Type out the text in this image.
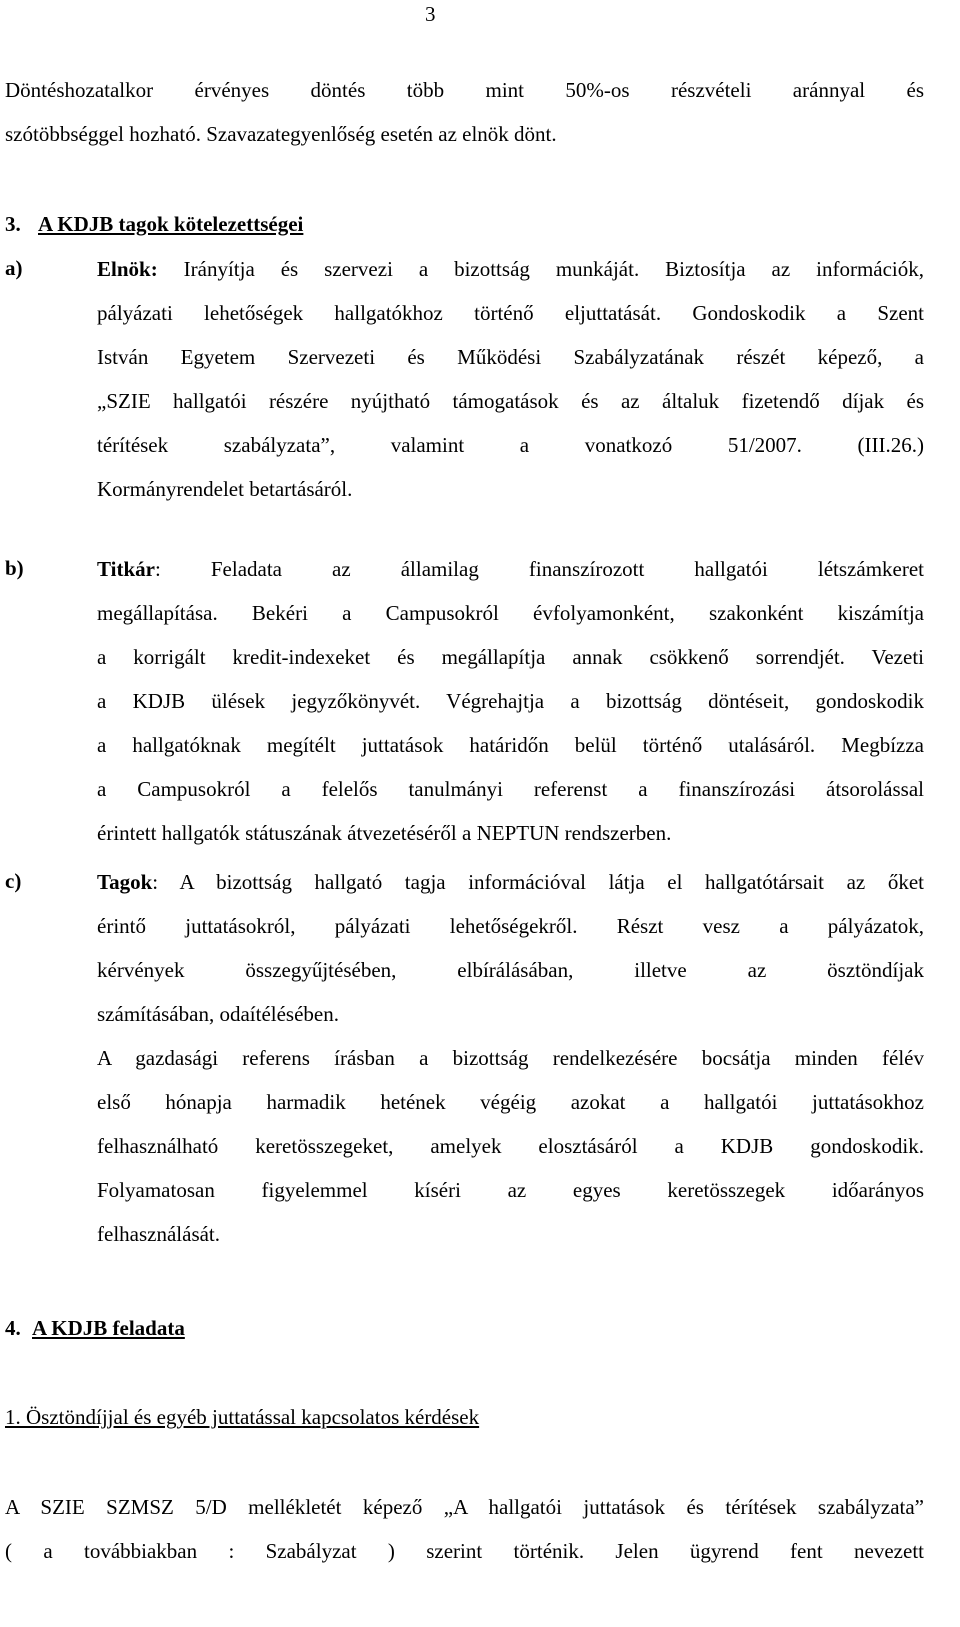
3
Döntéshozatalkor érvényes döntés több mint 50%-os részvételi aránnyal és
szótöbbséggel hozható. Szavazategyenlőség esetén az elnök dönt.
3. A KDJB tagok kötelezettségei
a)	Elnök: Irányítja és szervezi a bizottság munkáját. Biztosítja az információk,
pályázati lehetőségek hallgatókhoz történő eljuttatását. Gondoskodik a Szent
István Egyetem Szervezeti és Működési Szabályzatának részét képező, a
„SZIE hallgatói részére nyújtható támogatások és az általuk fizetendő díjak és
térítések szabályzata”, valamint a vonatkozó 51/2007. (III.26.)
Kormányrendelet betartásáról.
b)	Titkár: Feladata az államilag finanszírozott hallgatói létszámkeret
megállapítása. Bekéri a Campusokról évfolyamonként, szakonként kiszámítja
a korrigált kredit-indexeket és megállapítja annak csökkenő sorrendjét. Vezeti
a KDJB ülések jegyzőkönyvét. Végrehajtja a bizottság döntéseit, gondoskodik
a hallgatóknak megítélt juttatások határidőn belül történő utalásáról. Megbízza
a Campusokról a felelős tanulmányi referenst a finanszírozási átsorolással
érintett hallgatók státuszának átvezetéséről a NEPTUN rendszerben.
c)	Tagok: A bizottság hallgató tagja információval látja el hallgatótársait az őket
érintő juttatásokról, pályázati lehetőségekről. Részt vesz a pályázatok,
kérvények összegyűjtésében, elbírálásában, illetve az ösztöndíjak
számításában, odaítélésében.
A gazdasági referens írásban a bizottság rendelkezésére bocsátja minden félév
első hónapja harmadik hetének végéig azokat a hallgatói juttatásokhoz
felhasználható keretösszegeket, amelyek elosztásáról a KDJB gondoskodik.
Folyamatosan figyelemmel kíséri az egyes keretösszegek időarányos
felhasználását.
4. A KDJB feladata
1. Ösztöndíjjal és egyéb juttatással kapcsolatos kérdések
A SZIE SZMSZ 5/D mellékletét képező „A hallgatói juttatások és térítések szabályzata”
( a továbbiakban : Szabályzat ) szerint történik. Jelen ügyrend fent nevezett
